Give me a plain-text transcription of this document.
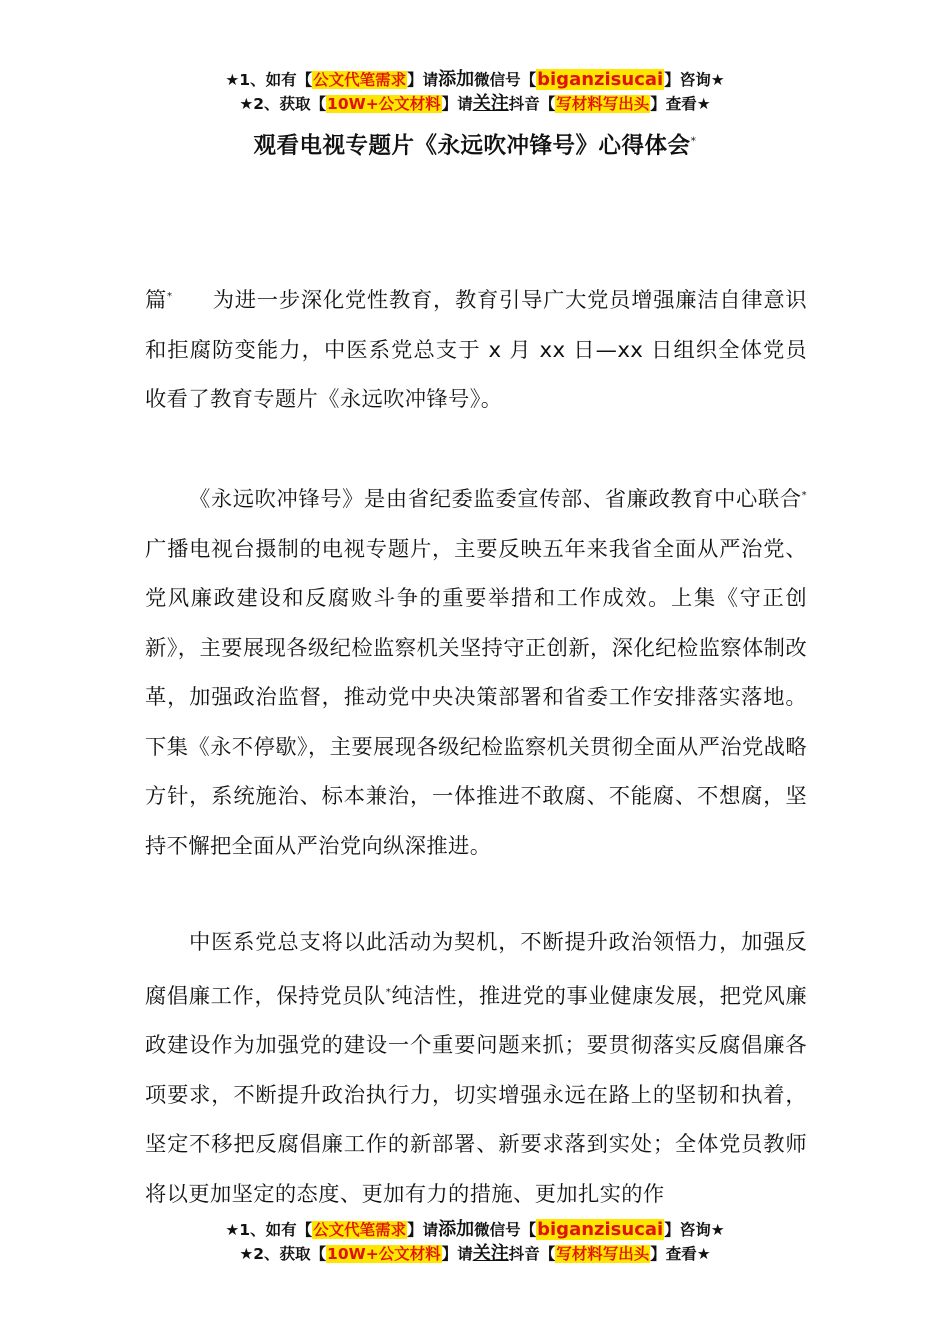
★1、如有【公文代笔需求】请添加微信号【biganzisucai】咨询★
★2、获取【10W+公文材料】请关注抖音【写材料写出头】查看★
观看电视专题片《永远吹冲锋号》心得体会*
篇* 为进一步深化党性教育，教育引导广大党员增强廉洁自律意识和拒腐防变能力，中医系党总支于 x 月 xx 日—xx 日组织全体党员收看了教育专题片《永远吹冲锋号》。
《永远吹冲锋号》是由省纪委监委宣传部、省廉政教育中心联合*广播电视台摄制的电视专题片，主要反映五年来我省全面从严治党、党风廉政建设和反腐败斗争的重要举措和工作成效。上集《守正创新》，主要展现各级纪检监察机关坚持守正创新，深化纪检监察体制改革，加强政治监督，推动党中央决策部署和省委工作安排落实落地。下集《永不停歇》，主要展现各级纪检监察机关贯彻全面从严治党战略方针，系统施治、标本兼治，一体推进不敢腐、不能腐、不想腐，坚持不懈把全面从严治党向纵深推进。
中医系党总支将以此活动为契机，不断提升政治领悟力，加强反腐倡廉工作，保持党员队*纯洁性，推进党的事业健康发展，把党风廉政建设作为加强党的建设一个重要问题来抓；要贯彻落实反腐倡廉各项要求，不断提升政治执行力，切实增强永远在路上的坚韧和执着，坚定不移把反腐倡廉工作的新部署、新要求落到实处；全体党员教师将以更加坚定的态度、更加有力的措施、更加扎实的作
★1、如有【公文代笔需求】请添加微信号【biganzisucai】咨询★
★2、获取【10W+公文材料】请关注抖音【写材料写出头】查看★
